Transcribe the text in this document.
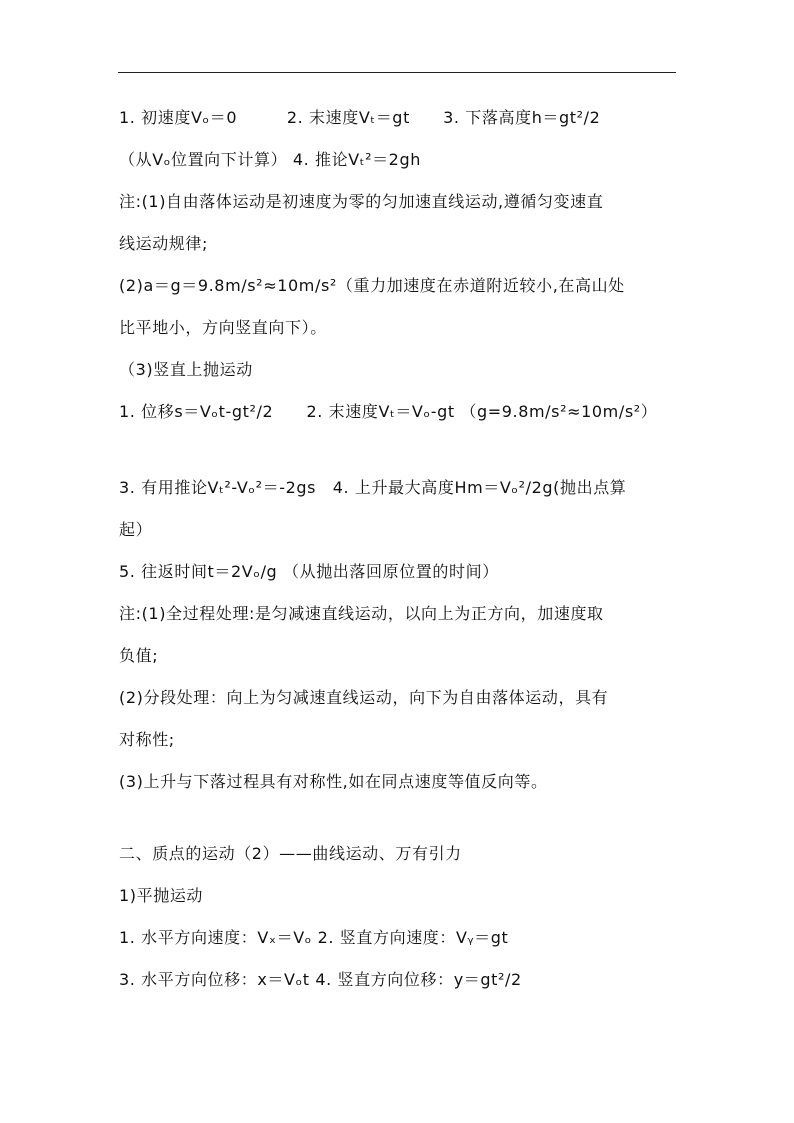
1. 初速度Vₒ＝0　　　2. 末速度Vₜ＝gt　　3. 下落高度h＝gt²/2
（从Vₒ位置向下计算） 4. 推论Vₜ²＝2gh
注:(1)自由落体运动是初速度为零的匀加速直线运动,遵循匀变速直
线运动规律;
(2)a＝g＝9.8m/s²≈10m/s²（重力加速度在赤道附近较小,在高山处
比平地小，方向竖直向下）。
（3)竖直上抛运动
1. 位移s＝Vₒt-gt²/2　　2. 末速度Vₜ＝Vₒ-gt （g=9.8m/s²≈10m/s²）
3. 有用推论Vₜ²-Vₒ²＝-2gs　4. 上升最大高度Hm＝Vₒ²/2g(抛出点算
起）
5. 往返时间t＝2Vₒ/g （从抛出落回原位置的时间）
注:(1)全过程处理:是匀减速直线运动，以向上为正方向，加速度取
负值;
(2)分段处理：向上为匀减速直线运动，向下为自由落体运动，具有
对称性;
(3)上升与下落过程具有对称性,如在同点速度等值反向等。
二、质点的运动（2）——曲线运动、万有引力
1)平抛运动
1. 水平方向速度：Vₓ＝Vₒ 2. 竖直方向速度：Vᵧ＝gt
3. 水平方向位移：x＝Vₒt 4. 竖直方向位移：y＝gt²/2
